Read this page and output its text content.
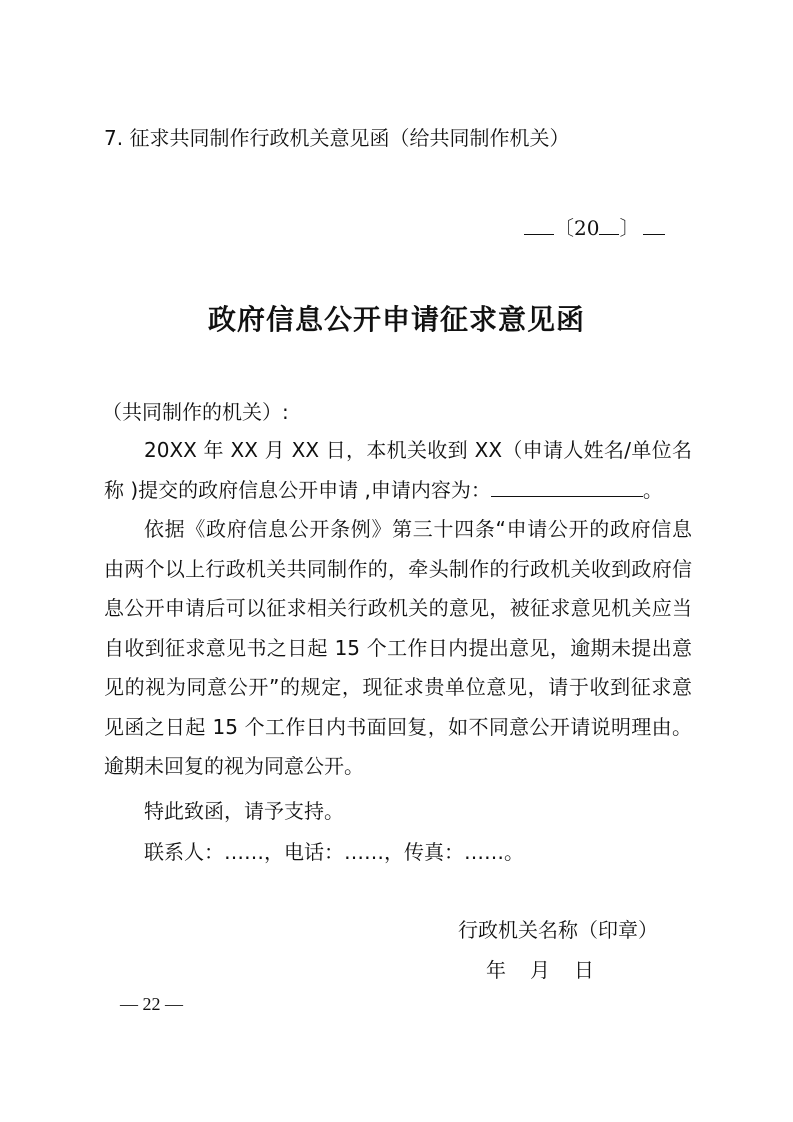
7. 征求共同制作行政机关意见函（给共同制作机关）
〔20 〕
政府信息公开申请征求意见函
（共同制作的机关）:
20XX 年 XX 月 XX 日，本机关收到 XX（申请人姓名/单位名称 )提交的政府信息公开申请 ,申请内容为：	。
依据《政府信息公开条例》第三十四条“申请公开的政府信息由两个以上行政机关共同制作的，牵头制作的行政机关收到政府信息公开申请后可以征求相关行政机关的意见，被征求意见机关应当自收到征求意见书之日起 15 个工作日内提出意见，逾期未提出意见的视为同意公开”的规定，现征求贵单位意见，请于收到征求意见函之日起 15 个工作日内书面回复，如不同意公开请说明理由。逾期未回复的视为同意公开。
特此致函，请予支持。
联系人：……，电话：……，传真：……。
行政机关名称（印章）
年　月　日
— 22 —
